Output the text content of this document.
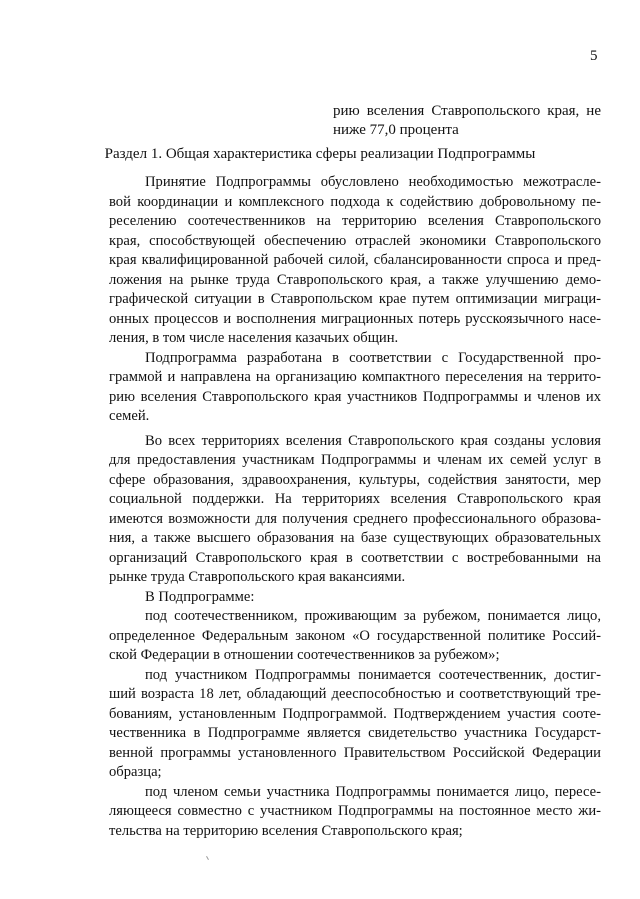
5
рию вселения Ставропольского края, не
ниже 77,0 процента
Раздел 1. Общая характеристика сферы реализации Подпрограммы
Принятие Подпрограммы обусловлено необходимостью межотрасле-
вой координации и комплексного подхода к содействию добровольному пе-
реселению соотечественников на территорию вселения Ставропольского
края, способствующей обеспечению отраслей экономики Ставропольского
края квалифицированной рабочей силой, сбалансированности спроса и пред-
ложения на рынке труда Ставропольского края, а также улучшению демо-
графической ситуации в Ставропольском крае путем оптимизации миграци-
онных процессов и восполнения миграционных потерь русскоязычного насе-
ления, в том числе населения казачьих общин.
Подпрограмма разработана в соответствии с Государственной про-
граммой и направлена на организацию компактного переселения на террито-
рию вселения Ставропольского края участников Подпрограммы и членов их
семей.
Во всех территориях вселения Ставропольского края созданы условия
для предоставления участникам Подпрограммы и членам их семей услуг в
сфере образования, здравоохранения, культуры, содействия занятости, мер
социальной поддержки. На территориях вселения Ставропольского края
имеются возможности для получения среднего профессионального образова-
ния, а также высшего образования на базе существующих образовательных
организаций Ставропольского края в соответствии с востребованными на
рынке труда Ставропольского края вакансиями.
В Подпрограмме:
под соотечественником, проживающим за рубежом, понимается лицо,
определенное Федеральным законом «О государственной политике Россий-
ской Федерации в отношении соотечественников за рубежом»;
под участником Подпрограммы понимается соотечественник, достиг-
ший возраста 18 лет, обладающий дееспособностью и соответствующий тре-
бованиям, установленным Подпрограммой. Подтверждением участия сооте-
чественника в Подпрограмме является свидетельство участника Государст-
венной программы установленного Правительством Российской Федерации
образца;
под членом семьи участника Подпрограммы понимается лицо, пересе-
ляющееся совместно с участником Подпрограммы на постоянное место жи-
тельства на территорию вселения Ставропольского края;
